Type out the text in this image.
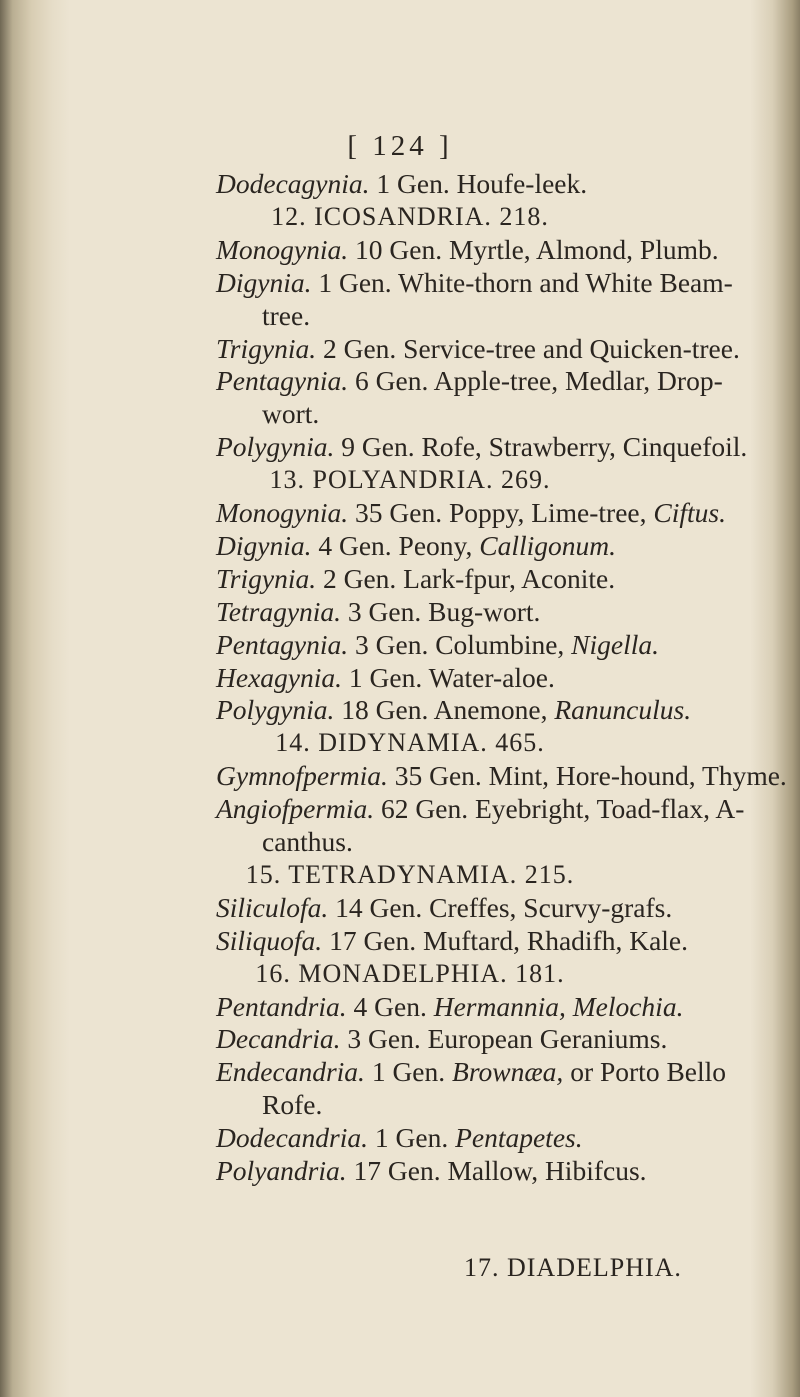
[ 124 ]
Dodecagynia. 1 Gen. Houfe-leek.
12. ICOSANDRIA. 218.
Monogynia. 10 Gen. Myrtle, Almond, Plumb.
Digynia. 1 Gen. White-thorn and White Beam-
tree.
Trigynia. 2 Gen. Service-tree and Quicken-tree.
Pentagynia. 6 Gen. Apple-tree, Medlar, Drop-
wort.
Polygynia. 9 Gen. Rofe, Strawberry, Cinquefoil.
13. POLYANDRIA. 269.
Monogynia. 35 Gen. Poppy, Lime-tree, Ciftus.
Digynia. 4 Gen. Peony, Calligonum.
Trigynia. 2 Gen. Lark-fpur, Aconite.
Tetragynia. 3 Gen. Bug-wort.
Pentagynia. 3 Gen. Columbine, Nigella.
Hexagynia. 1 Gen. Water-aloe.
Polygynia. 18 Gen. Anemone, Ranunculus.
14. DIDYNAMIA. 465.
Gymnofpermia. 35 Gen. Mint, Hore-hound, Thyme.
Angiofpermia. 62 Gen. Eyebright, Toad-flax, A-
canthus.
15. TETRADYNAMIA. 215.
Siliculofa. 14 Gen. Creffes, Scurvy-grafs.
Siliquofa. 17 Gen. Muftard, Rhadifh, Kale.
16. MONADELPHIA. 181.
Pentandria. 4 Gen. Hermannia, Melochia.
Decandria. 3 Gen. European Geraniums.
Endecandria. 1 Gen. Brownæa, or Porto Bello
Rofe.
Dodecandria. 1 Gen. Pentapetes.
Polyandria. 17 Gen. Mallow, Hibifcus.
17. DIADELPHIA.
